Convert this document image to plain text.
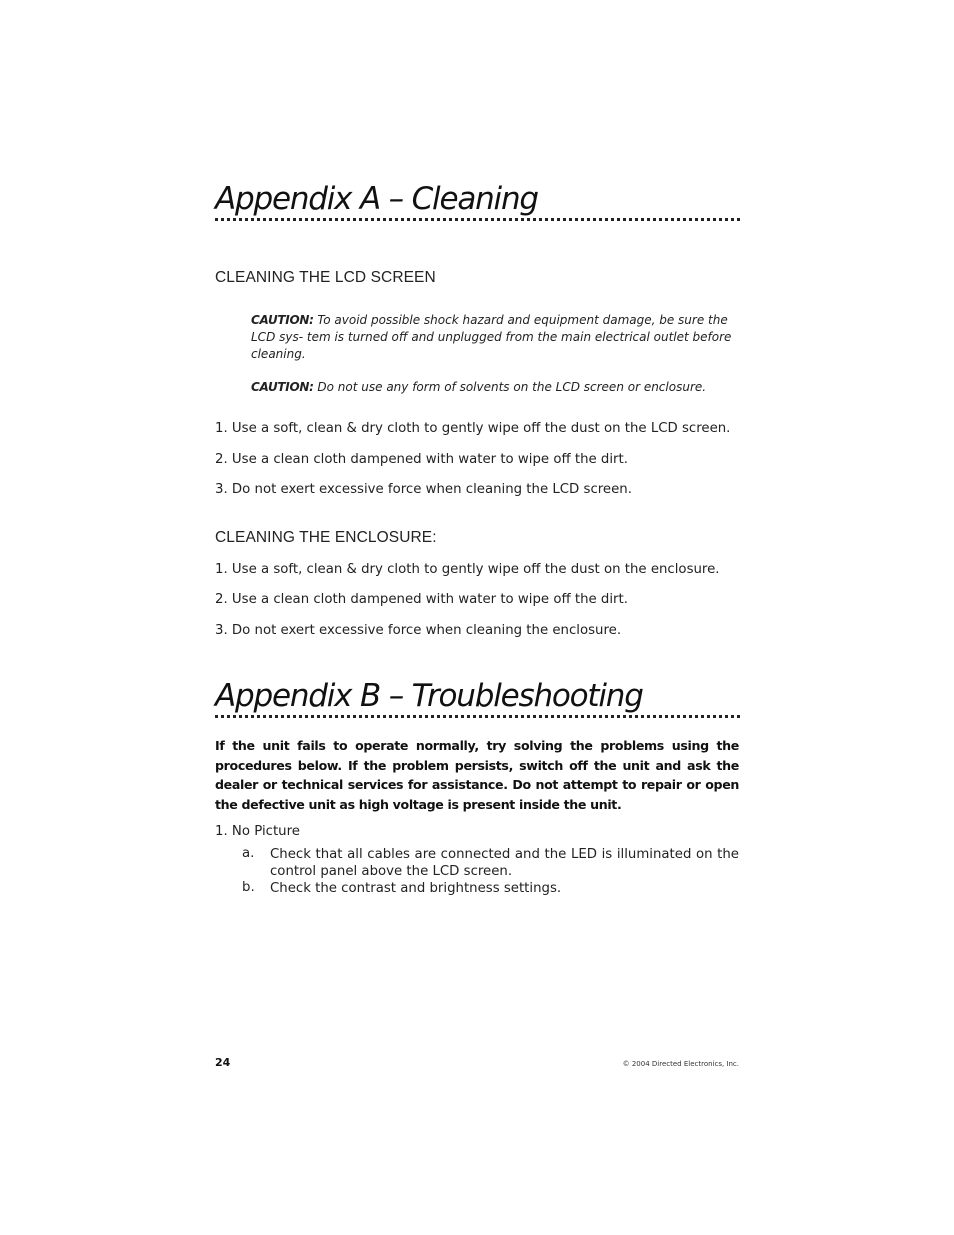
Appendix A – Cleaning
CLEANING THE LCD SCREEN
CAUTION: To avoid possible shock hazard and equipment damage, be sure the LCD sys- tem is turned off and unplugged from the main electrical outlet before cleaning.
CAUTION: Do not use any form of solvents on the LCD screen or enclosure.
1. Use a soft, clean & dry cloth to gently wipe off the dust on the LCD screen.
2. Use a clean cloth dampened with water to wipe off the dirt.
3. Do not exert excessive force when cleaning the LCD screen.
CLEANING THE ENCLOSURE:
1. Use a soft, clean & dry cloth to gently wipe off the dust on the enclosure.
2. Use a clean cloth dampened with water to wipe off the dirt.
3. Do not exert excessive force when cleaning the enclosure.
Appendix B – Troubleshooting
If the unit fails to operate normally, try solving the problems using the procedures below. If the problem persists, switch off the unit and ask the dealer or technical services for assistance. Do not attempt to repair or open the defective unit as high voltage is present inside the unit.
1. No Picture
a. Check that all cables are connected and the LED is illuminated on the control panel above the LCD screen.
b. Check the contrast and brightness settings.
24	© 2004 Directed Electronics, Inc.
